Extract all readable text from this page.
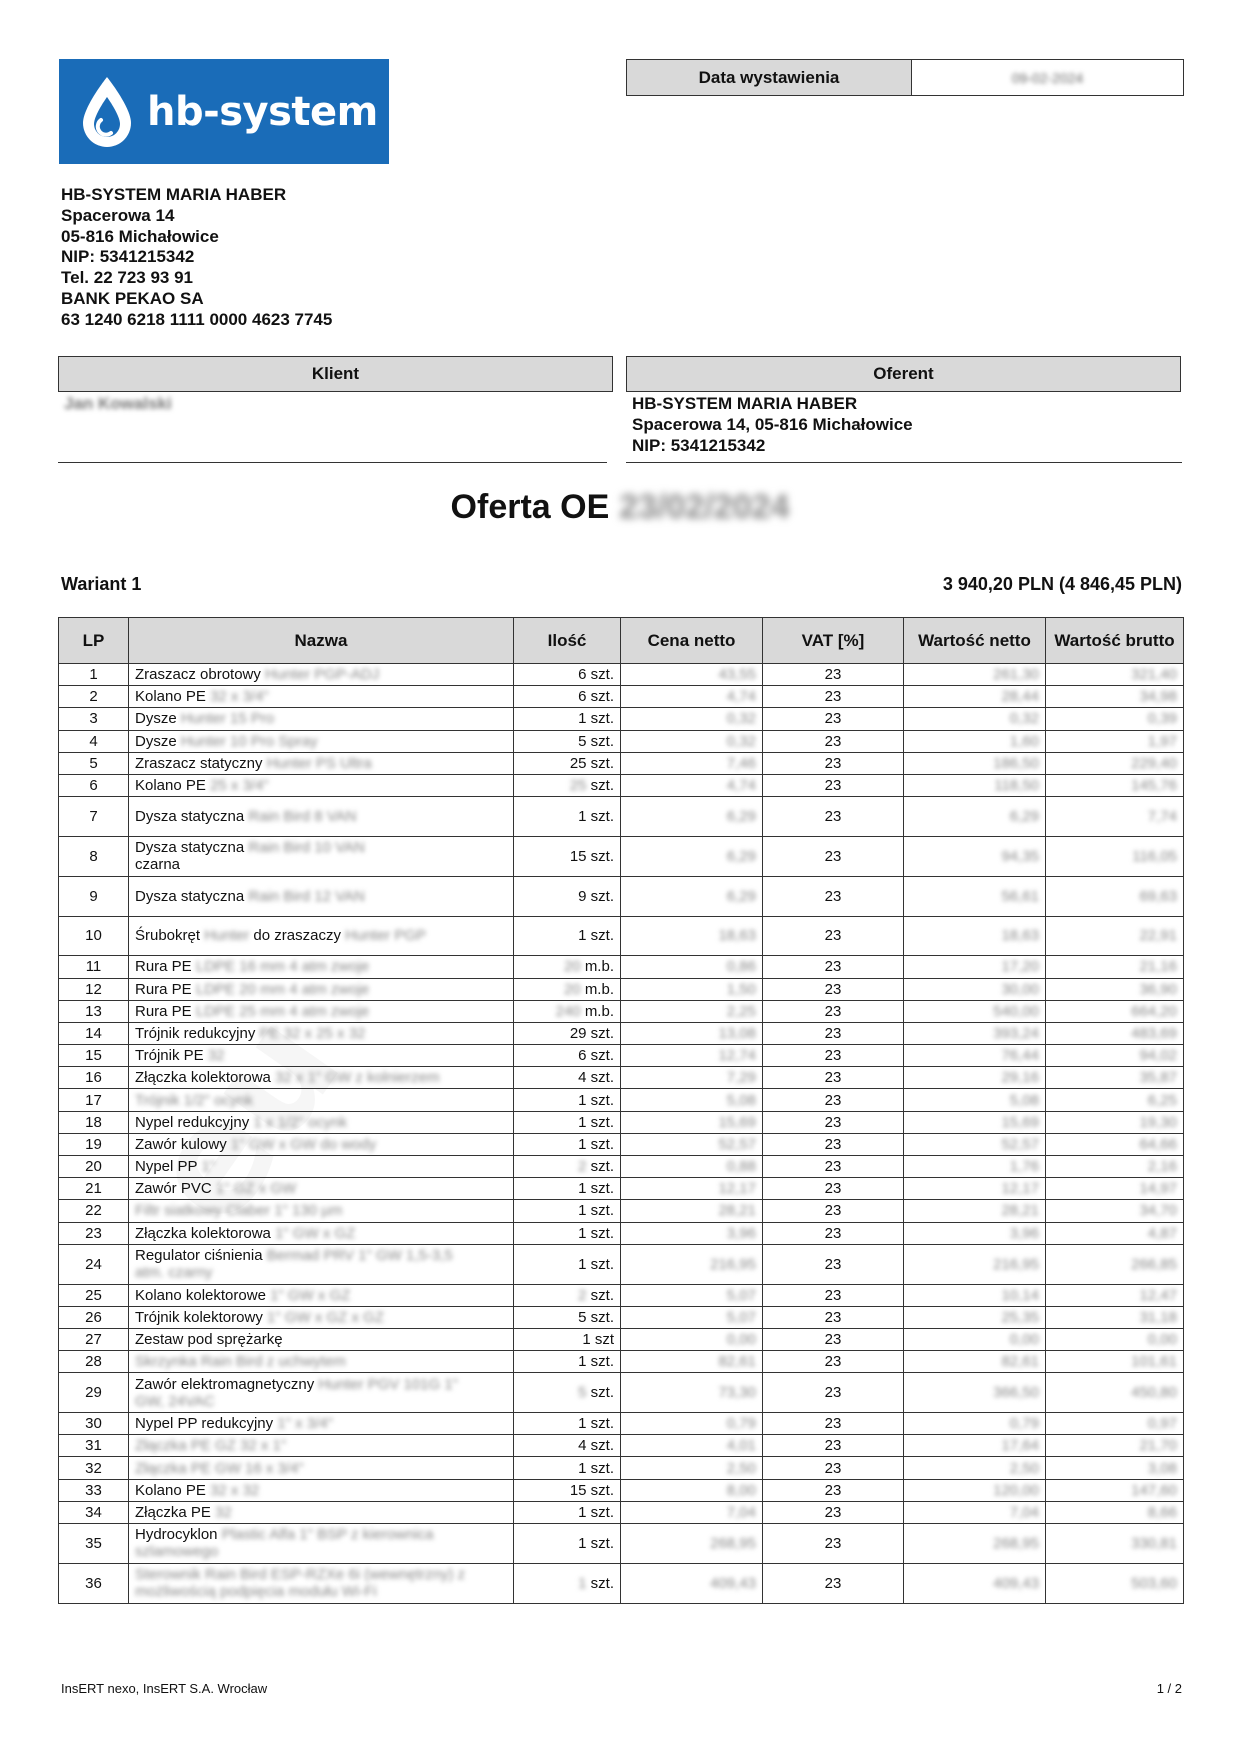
hb-system
Data wystawienia	09-02-2024
HB-SYSTEM MARIA HABER
Spacerowa 14
05-816 Michałowice
NIP: 5341215342
Tel. 22 723 93 91
BANK PEKAO SA
63 1240 6218 1111 0000 4623 7745
Klient	Oferent
Jan Kowalski	HB-SYSTEM MARIA HABER
Spacerowa 14, 05-816 Michałowice
NIP: 5341215342
Oferta OE 23/02/2024
Wariant 1	3 940,20 PLN (4 846,45 PLN)
LP	Nazwa	Ilość	Cena netto	VAT [%]	Wartość netto	Wartość brutto
1	Zraszacz obrotowy Hunter PGP-ADJ	6 szt.	43,55	23	261,30	321,40
2	Kolano PE 32 x 3/4"	6 szt.	4,74	23	28,44	34,98
3	Dysze Hunter 15 Pro	1 szt.	0,32	23	0,32	0,39
4	Dysze Hunter 10 Pro Spray	5 szt.	0,32	23	1,60	1,97
5	Zraszacz statyczny Hunter PS Ultra	25 szt.	7,46	23	186,50	229,40
6	Kolano PE 25 x 3/4"	25 szt.	4,74	23	118,50	145,76
7	Dysza statyczna Rain Bird 8 VAN	1 szt.	6,29	23	6,29	7,74
8	Dysza statyczna Rain Bird 10 VAN
czarna	15 szt.	6,29	23	94,35	116,05
9	Dysza statyczna Rain Bird 12 VAN	9 szt.	6,29	23	56,61	69,63
10	Śrubokręt Hunter do zraszaczy Hunter PGP	1 szt.	18,63	23	18,63	22,91
11	Rura PE LDPE 16 mm 4 atm zwoje	20 m.b.	0,86	23	17,20	21,16
12	Rura PE LDPE 20 mm 4 atm zwoje	20 m.b.	1,50	23	30,00	36,90
13	Rura PE LDPE 25 mm 4 atm zwoje	240 m.b.	2,25	23	540,00	664,20
14	Trójnik redukcyjny PE 32 x 25 x 32	29 szt.	13,08	23	393,24	483,69
15	Trójnik PE 32	6 szt.	12,74	23	76,44	94,02
16	Złączka kolektorowa 32 x 1" GW z kolnierzem	4 szt.	7,29	23	29,16	35,87
17	Trójnik 1/2" ocynk	1 szt.	5,08	23	5,08	6,25
18	Nypel redukcyjny 1 x 1/2" ocynk	1 szt.	15,69	23	15,69	19,30
19	Zawór kulowy 1" GW x GW do wody	1 szt.	52,57	23	52,57	64,66
20	Nypel PP 1"	2 szt.	0,88	23	1,76	2,16
21	Zawór PVC 1" GZ x GW	1 szt.	12,17	23	12,17	14,97
22	Filtr siatkowy Claber 1" 130 µm	1 szt.	28,21	23	28,21	34,70
23	Złączka kolektorowa 1" GW x GZ	1 szt.	3,96	23	3,96	4,87
24	Regulator ciśnienia Bermad PRV 1" GW 1,5-3,5
atm. czarny	1 szt.	216,95	23	216,95	266,85
25	Kolano kolektorowe 1" GW x GZ	2 szt.	5,07	23	10,14	12,47
26	Trójnik kolektorowy 1" GW x GZ x GZ	5 szt.	5,07	23	25,35	31,18
27	Zestaw pod sprężarkę	1 szt	0,00	23	0,00	0,00
28	Skrzynka Rain Bird z uchwytem	1 szt.	82,61	23	82,61	101,61
29	Zawór elektromagnetyczny Hunter PGV 101G 1"
GW, 24VAC	5 szt.	73,30	23	366,50	450,80
30	Nypel PP redukcyjny 1" x 3/4"	1 szt.	0,79	23	0,79	0,97
31	Złączka PE GZ 32 x 1"	4 szt.	4,01	23	17,64	21,70
32	Złączka PE GW 16 x 3/4"	1 szt.	2,50	23	2,50	3,08
33	Kolano PE 32 x 32	15 szt.	8,00	23	120,00	147,60
34	Złączka PE 32	1 szt.	7,04	23	7,04	8,66
35	Hydrocyklon Plastic Alfa 1" BSP z kierownica
szlamowego	1 szt.	268,95	23	268,95	330,81
36	Sterownik Rain Bird ESP-RZXe 6i (wewnętrzny) z
możliwością podpięcia modułu Wi-Fi	1 szt.	409,43	23	409,43	503,60
InsERT nexo, InsERT S.A. Wrocław	1 / 2
